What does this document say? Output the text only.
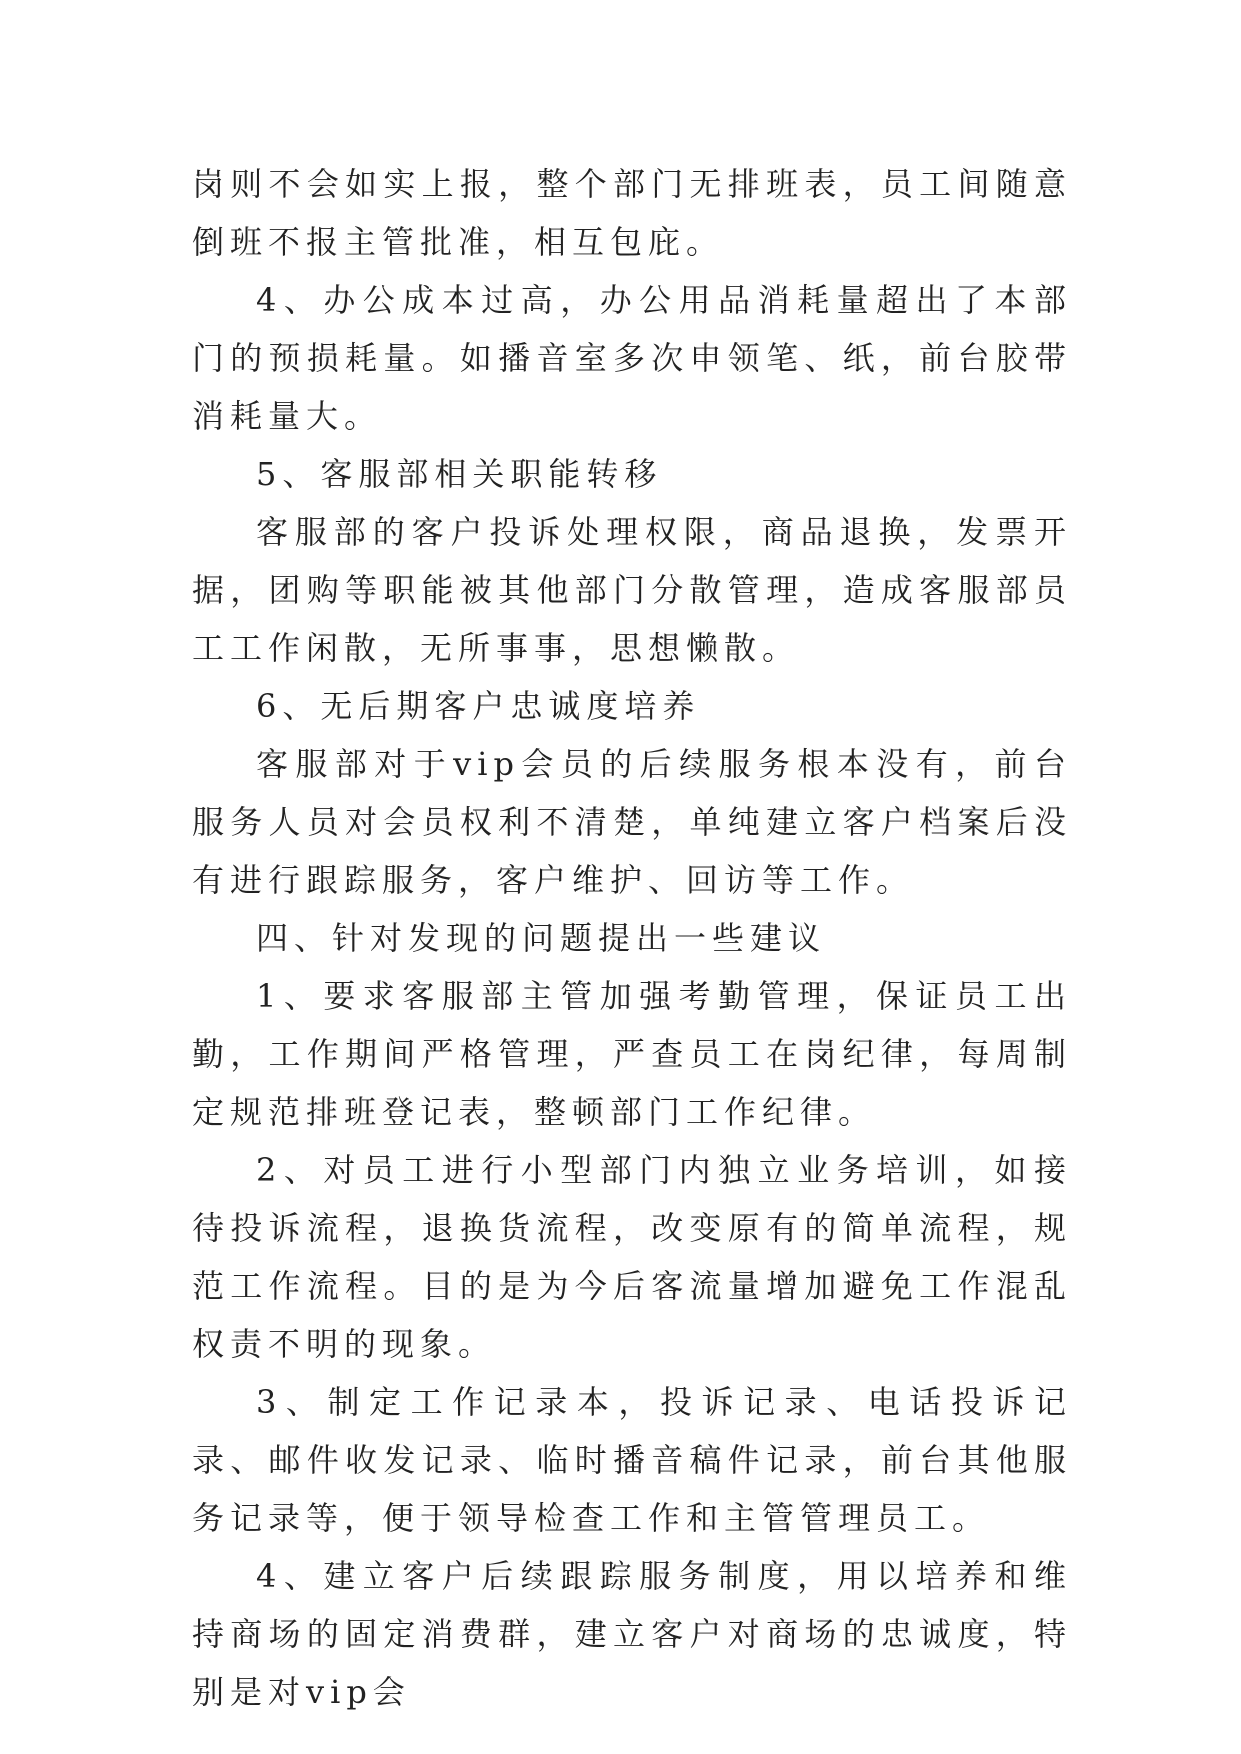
岗则不会如实上报，整个部门无排班表，员工间随意倒班不报主管批准，相互包庇。

4、办公成本过高，办公用品消耗量超出了本部门的预损耗量。如播音室多次申领笔、纸，前台胶带消耗量大。

5、客服部相关职能转移

客服部的客户投诉处理权限，商品退换，发票开据，团购等职能被其他部门分散管理，造成客服部员工工作闲散，无所事事，思想懒散。

6、无后期客户忠诚度培养

客服部对于vip会员的后续服务根本没有，前台服务人员对会员权利不清楚，单纯建立客户档案后没有进行跟踪服务，客户维护、回访等工作。

四、针对发现的问题提出一些建议

1、要求客服部主管加强考勤管理，保证员工出勤，工作期间严格管理，严查员工在岗纪律，每周制定规范排班登记表，整顿部门工作纪律。

2、对员工进行小型部门内独立业务培训，如接待投诉流程，退换货流程，改变原有的简单流程，规范工作流程。目的是为今后客流量增加避免工作混乱权责不明的现象。

3、制定工作记录本，投诉记录、电话投诉记录、邮件收发记录、临时播音稿件记录，前台其他服务记录等，便于领导检查工作和主管管理员工。

4、建立客户后续跟踪服务制度，用以培养和维持商场的固定消费群，建立客户对商场的忠诚度，特别是对vip会
